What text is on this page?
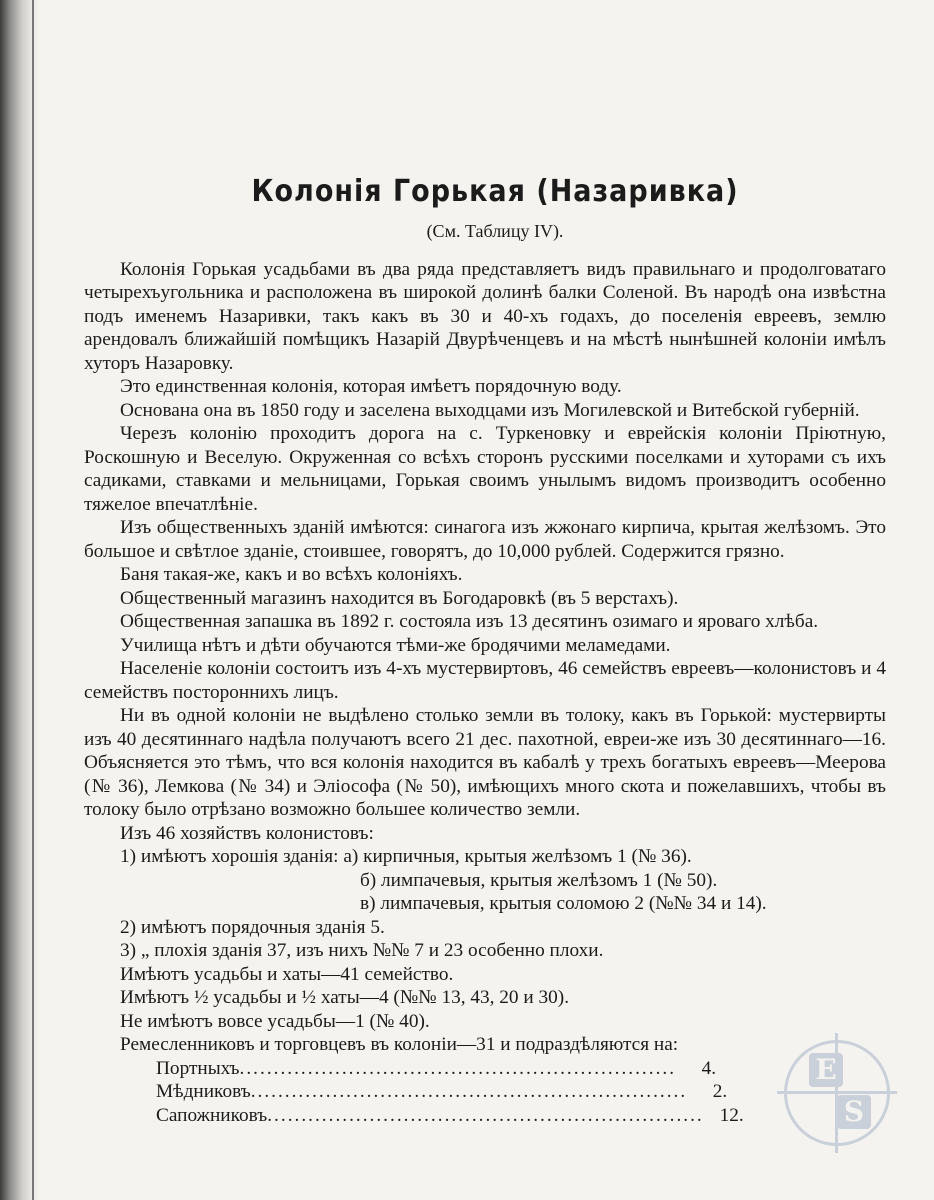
Колонія Горькая (Назаривка)
(См. Таблицу IV).

Колонія Горькая усадьбами въ два ряда представляетъ видъ правильнаго и продолговатаго четырехъугольника и расположена въ широкой долинѣ балки Соленой. Въ народѣ она извѣстна подъ именемъ Назаривки, такъ какъ въ 30 и 40-хъ годахъ, до поселенія евреевъ, землю арендовалъ ближайшій помѣщикъ Назарій Двурѣченцевъ и на мѣстѣ нынѣшней колоніи имѣлъ хуторъ Назаровку.

Это единственная колонія, которая имѣетъ порядочную воду.

Основана она въ 1850 году и заселена выходцами изъ Могилевской и Витебской губерній.

Черезъ колонію проходитъ дорога на с. Туркеновку и еврейскія колоніи Пріютную, Роскошную и Веселую. Окруженная со всѣхъ сторонъ русскими поселками и хуторами съ ихъ садиками, ставками и мельницами, Горькая своимъ унылымъ видомъ производитъ особенно тяжелое впечатлѣніе.

Изъ общественныхъ зданій имѣются: синагога изъ жжонаго кирпича, крытая желѣзомъ. Это большое и свѣтлое зданіе, стоившее, говорятъ, до 10,000 рублей. Содержится грязно.

Баня такая-же, какъ и во всѣхъ колоніяхъ.

Общественный магазинъ находится въ Богодаровкѣ (въ 5 верстахъ).

Общественная запашка въ 1892 г. состояла изъ 13 десятинъ озимаго и яроваго хлѣба.

Училища нѣтъ и дѣти обучаются тѣми-же бродячими меламедами.

Населеніе колоніи состоитъ изъ 4-хъ мустервиртовъ, 46 семействъ евреевъ—колонистовъ и 4 семействъ постороннихъ лицъ.

Ни въ одной колоніи не выдѣлено столько земли въ толоку, какъ въ Горькой: мустервирты изъ 40 десятиннаго надѣла получаютъ всего 21 дес. пахотной, евреи-же изъ 30 десятиннаго—16. Объясняется это тѣмъ, что вся колонія находится въ кабалѣ у трехъ богатыхъ евреевъ—Меерова (№ 36), Лемкова (№ 34) и Эліософа (№ 50), имѣющихъ много скота и пожелавшихъ, чтобы въ толоку было отрѣзано возможно большее количество земли.

Изъ 46 хозяйствъ колонистовъ:
1) имѣютъ хорошія зданія: а) кирпичныя, крытыя желѣзомъ 1 (№ 36).
б) лимпачевыя, крытыя желѣзомъ 1 (№ 50).
в) лимпачевыя, крытыя соломою 2 (№№ 34 и 14).
2) имѣютъ порядочныя зданія 5.
3) „ плохія зданія 37, изъ нихъ №№ 7 и 23 особенно плохи.
Имѣютъ усадьбы и хаты—41 семейство.
Имѣютъ ½ усадьбы и ½ хаты—4 (№№ 13, 43, 20 и 30).
Не имѣютъ вовсе усадьбы—1 (№ 40).
Ремесленниковъ и торговцевъ въ колоніи—31 и подраздѣляются на:
Портныхъ ................................................................	4.
Мѣдниковъ ................................................................	2.
Сапожниковъ ................................................................ 12.
E
S
